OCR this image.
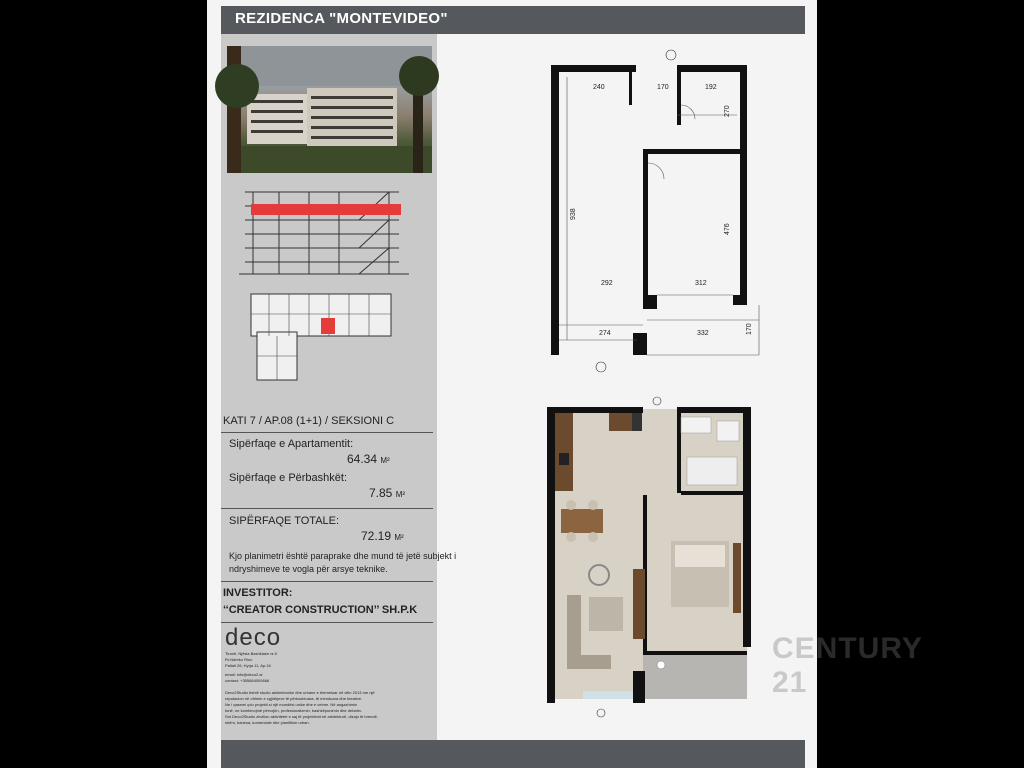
REZIDENCA "MONTEVIDEO"
KATI 7 / AP.08 (1+1) / SEKSIONI C
Sipërfaqe e Apartamentit:
64.34 M²
Sipërfaqe e Përbashkët:
7.85 M²
SIPËRFAQE TOTALE:
72.19 M²
Kjo planimetri është paraprake dhe mund të jetë subjekt i
ndryshimeve te vogla për arsye teknike.
INVESTITOR:
‘‘CREATOR CONSTRUCTION’’ SH.P.K
deco
Tiranë, Njësia Bashkiake nr.5
Rr.Ndreko Rino
Pallati 26, Hyrja 11, Ap.16
email: info@deco2.al
contact: +355684000666
Deco2Studio është studio arkitektonike dhe urbane e themeluar në vitin 2013 me një
reputacion në ofrimin e zgjidhjeve të përkushtuara, të menduara dhe kreative.
Ne i qasemi çdo projekti si një mundësi unike dhe e vetme. Në angazhimin
tonë, ne kombinojmë përvojën, profesionalizmin, bashkëpunimin dhe debatin.
Sot Deco2Studio zhvillon aktivitetet e saj të projektimit në arkitekturë, dizajn të brendë-
shëm, banesa, komerciale dhe planifikim urban.
240	170	192
270
476
938
292	312
274	332	170
CENTURY 21
